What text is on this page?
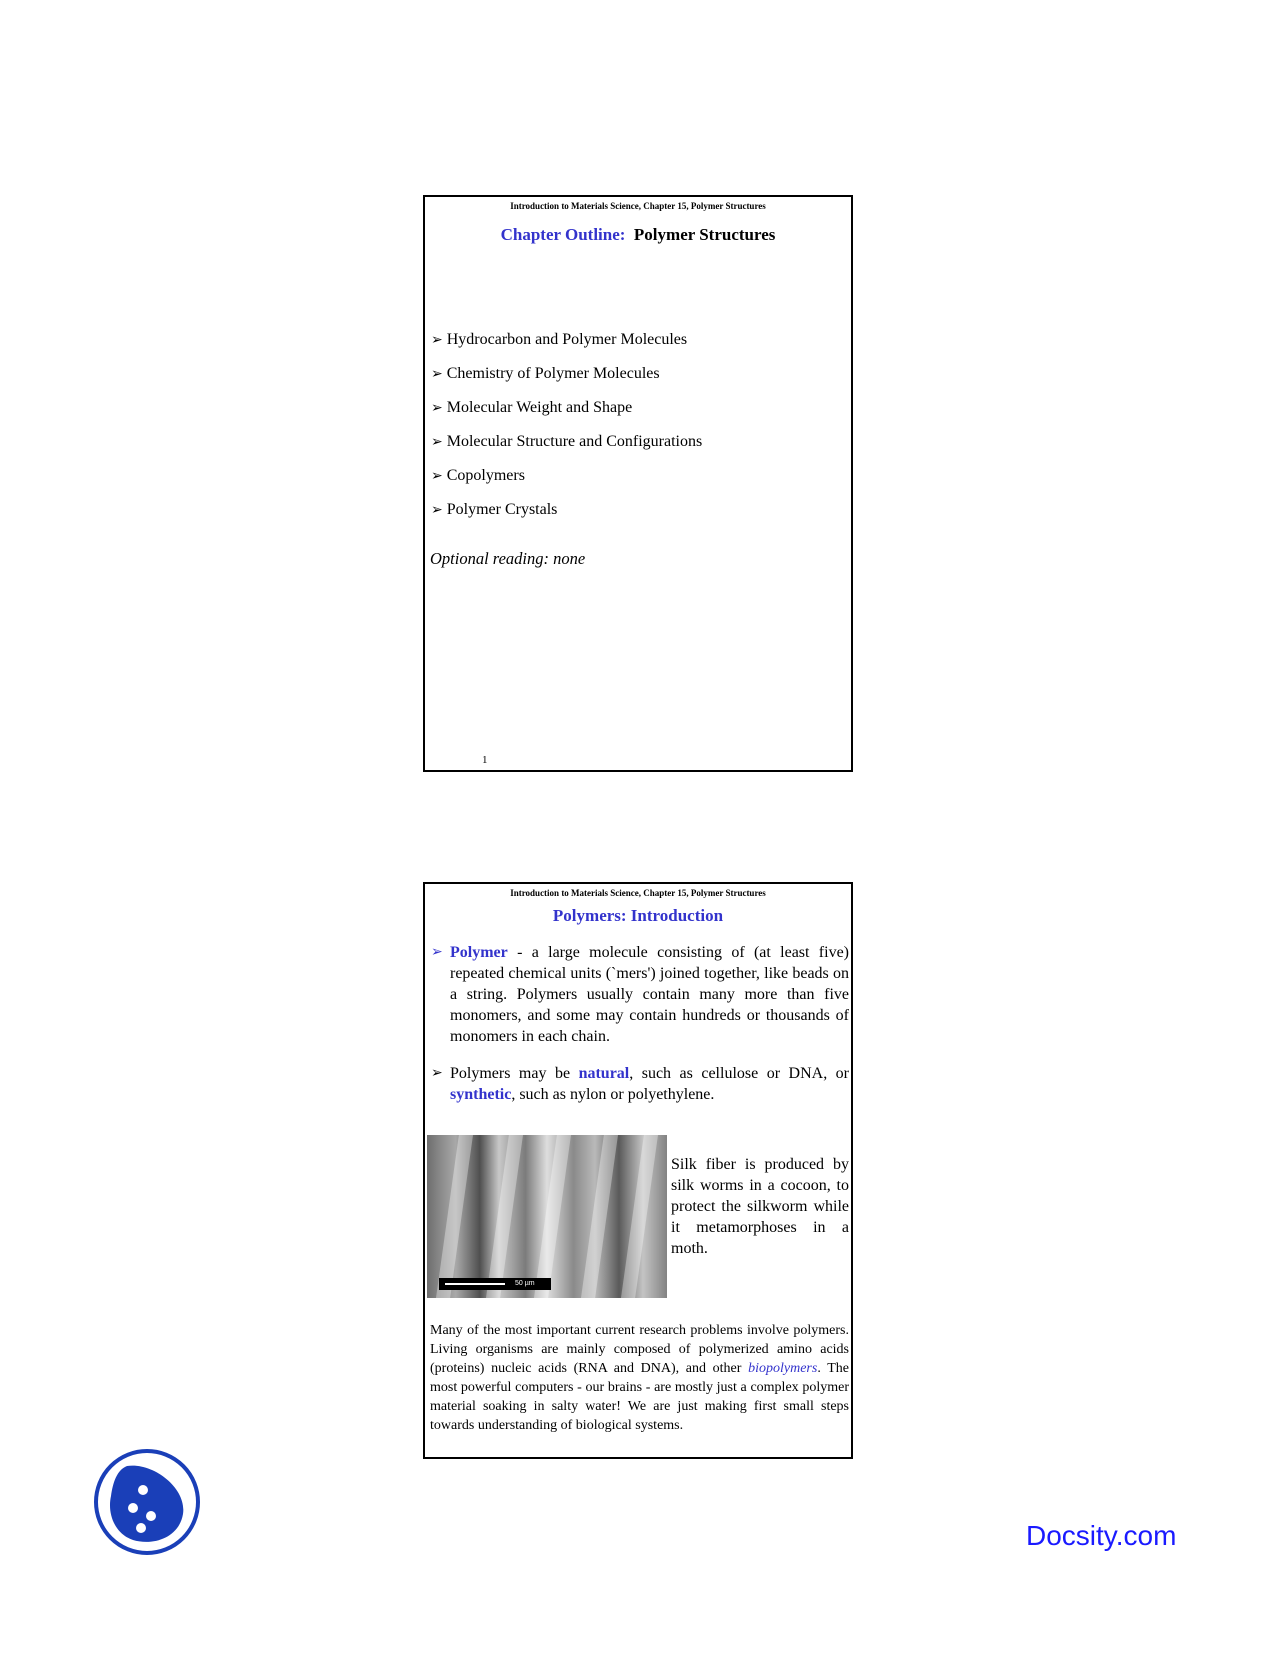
Introduction to Materials Science, Chapter 15, Polymer Structures
Chapter Outline: Polymer Structures
➢ Hydrocarbon and Polymer Molecules
➢ Chemistry of Polymer Molecules
➢ Molecular Weight and Shape
➢ Molecular Structure and Configurations
➢ Copolymers
➢ Polymer Crystals
Optional reading: none
1
Introduction to Materials Science, Chapter 15, Polymer Structures
Polymers: Introduction
➢ Polymer - a large molecule consisting of (at least five) repeated chemical units (`mers') joined together, like beads on a string. Polymers usually contain many more than five monomers, and some may contain hundreds or thousands of monomers in each chain.
➢ Polymers may be natural, such as cellulose or DNA, or synthetic, such as nylon or polyethylene.
50 µm
Silk fiber is produced by silk worms in a cocoon, to protect the silkworm while it metamorphoses in a moth.
Many of the most important current research problems involve polymers. Living organisms are mainly composed of polymerized amino acids (proteins) nucleic acids (RNA and DNA), and other biopolymers. The most powerful computers - our brains - are mostly just a complex polymer material soaking in salty water! We are just making first small steps towards understanding of biological systems.
Docsity.com
